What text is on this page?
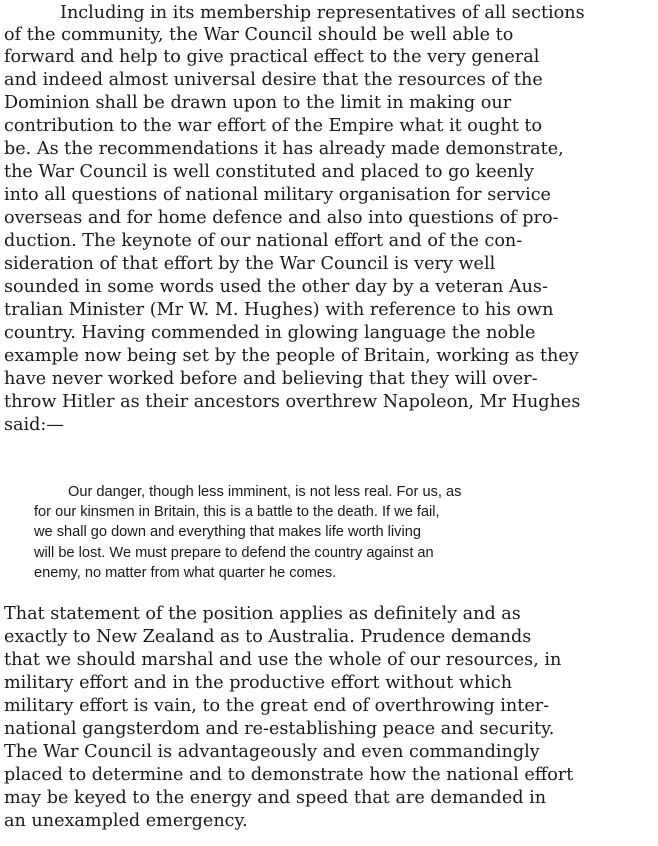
Including in its membership representatives of all sections
of the community, the War Council should be well able to
forward and help to give practical effect to the very general
and indeed almost universal desire that the resources of the
Dominion shall be drawn upon to the limit in making our
contribution to the war effort of the Empire what it ought to
be. As the recommendations it has already made demonstrate,
the War Council is well constituted and placed to go keenly
into all questions of national military organisation for service
overseas and for home defence and also into questions of pro-
duction. The keynote of our national effort and of the con-
sideration of that effort by the War Council is very well
sounded in some words used the other day by a veteran Aus-
tralian Minister (Mr W. M. Hughes) with reference to his own
country. Having commended in glowing language the noble
example now being set by the people of Britain, working as they
have never worked before and believing that they will over-
throw Hitler as their ancestors overthrew Napoleon, Mr Hughes
said:—
Our danger, though less imminent, is not less real. For us, as
for our kinsmen in Britain, this is a battle to the death. If we fail,
we shall go down and everything that makes life worth living
will be lost. We must prepare to defend the country against an
enemy, no matter from what quarter he comes.
That statement of the position applies as definitely and as
exactly to New Zealand as to Australia. Prudence demands
that we should marshal and use the whole of our resources, in
military effort and in the productive effort without which
military effort is vain, to the great end of overthrowing inter-
national gangsterdom and re-establishing peace and security.
The War Council is advantageously and even commandingly
placed to determine and to demonstrate how the national effort
may be keyed to the energy and speed that are demanded in
an unexampled emergency.
